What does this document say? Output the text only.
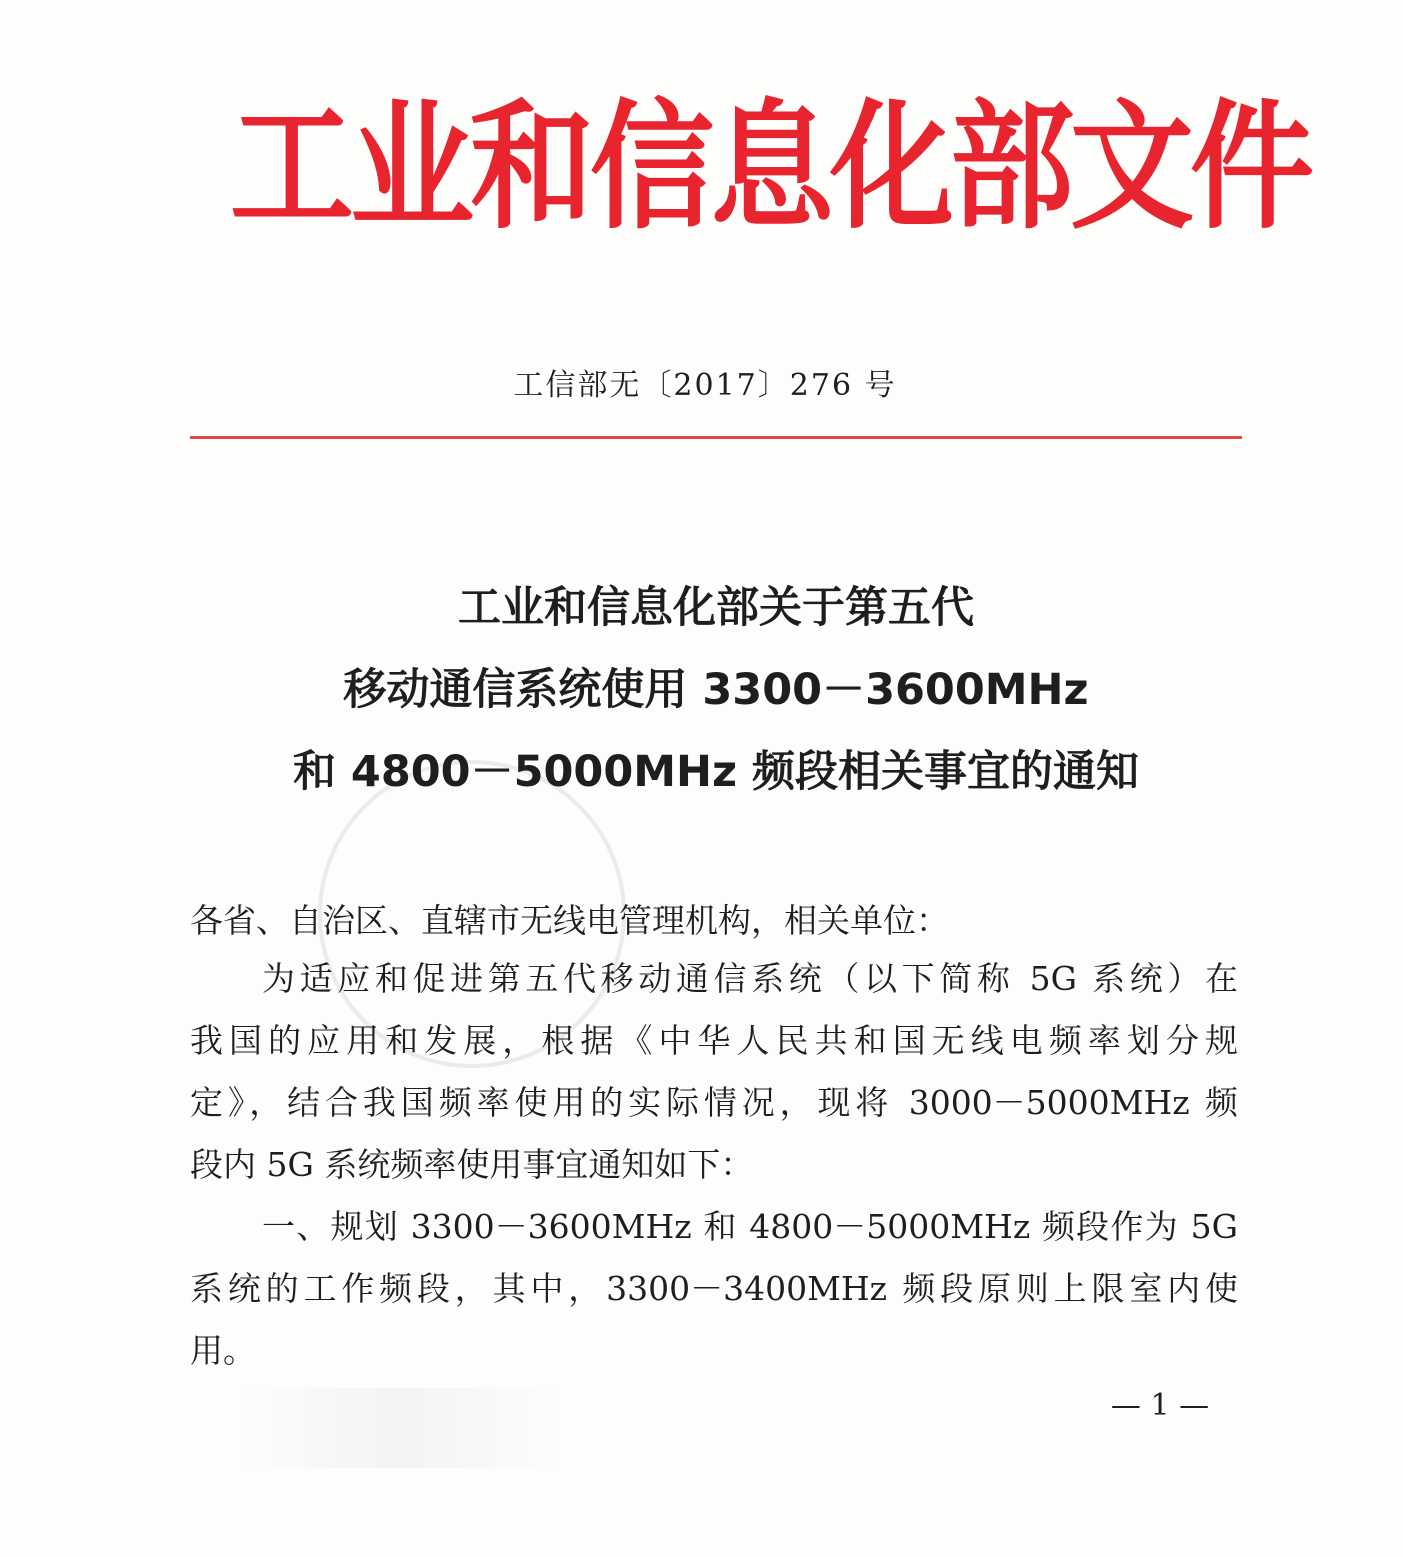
工业和信息化部文件
工信部无〔2017〕276 号
工业和信息化部关于第五代
移动通信系统使用 3300－3600MHz
和 4800－5000MHz 频段相关事宜的通知
各省、自治区、直辖市无线电管理机构，相关单位：
为适应和促进第五代移动通信系统（以下简称 5G 系统）在
我国的应用和发展，根据《中华人民共和国无线电频率划分规
定》，结合我国频率使用的实际情况，现将 3000－5000MHz 频
段内 5G 系统频率使用事宜通知如下：
一、规划 3300－3600MHz 和 4800－5000MHz 频段作为 5G
系统的工作频段，其中，3300－3400MHz 频段原则上限室内使
用。
— 1 —
